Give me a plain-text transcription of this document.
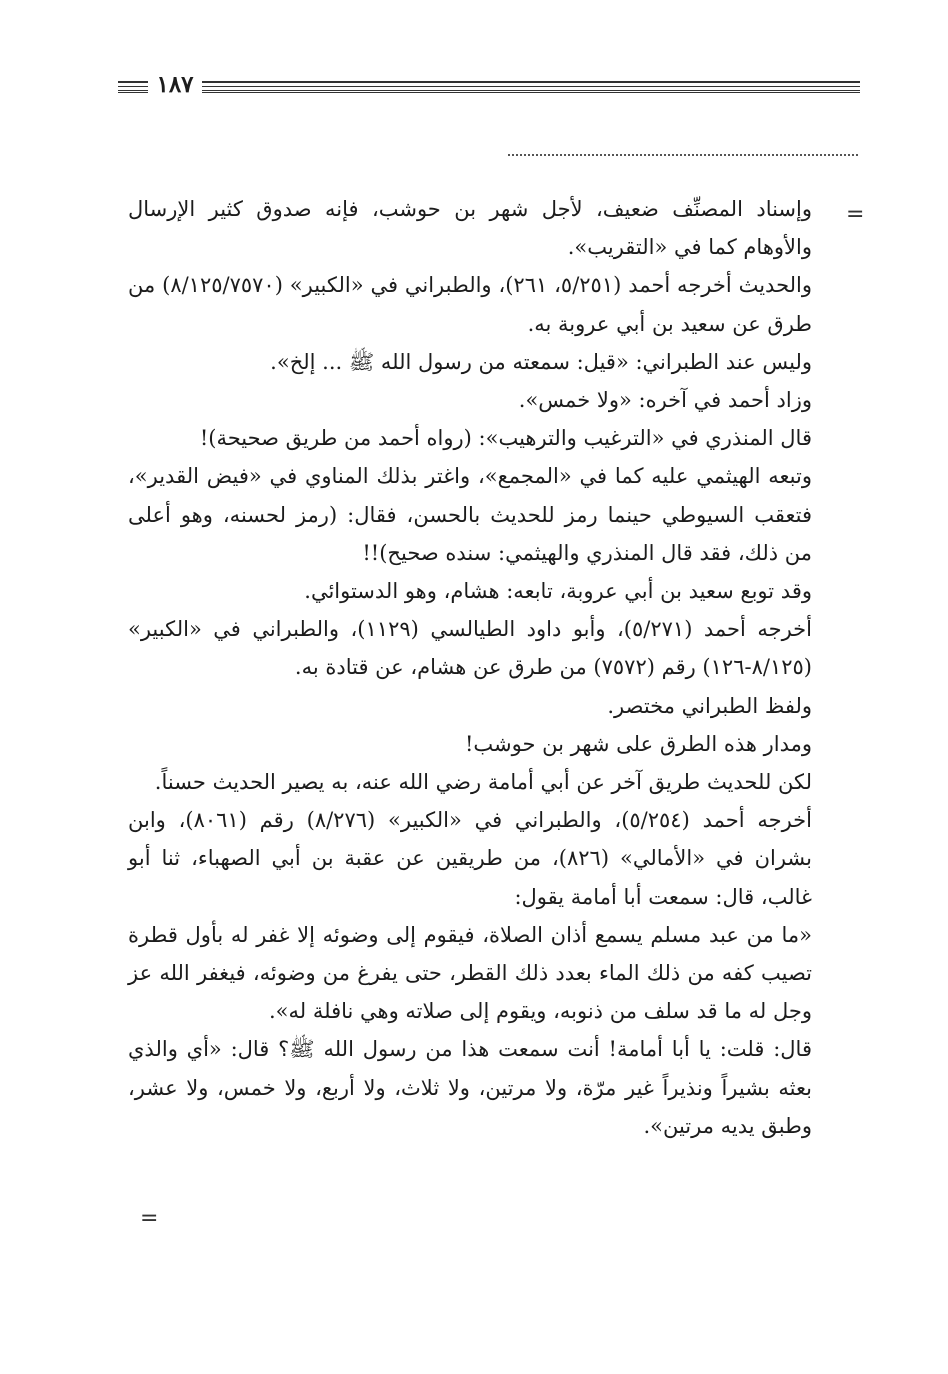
١٨٧
=

وإسناد المصنِّف ضعيف، لأجل شهر بن حوشب، فإنه صدوق كثير الإرسال والأوهام كما في «التقريب».

والحديث أخرجه أحمد (٥/٢٥١، ٢٦١)، والطبراني في «الكبير» (٨/١٢٥/٧٥٧٠) من طرق عن سعيد بن أبي عروبة به.

وليس عند الطبراني: «قيل: سمعته من رسول الله ﷺ ... إلخ».

وزاد أحمد في آخره: «ولا خمس».

قال المنذري في «الترغيب والترهيب»: (رواه أحمد من طريق صحيحة)!

وتبعه الهيثمي عليه كما في «المجمع»، واغتر بذلك المناوي في «فيض القدير»، فتعقب السيوطي حينما رمز للحديث بالحسن، فقال: (رمز لحسنه، وهو أعلى من ذلك، فقد قال المنذري والهيثمي: سنده صحيح)!!

وقد توبع سعيد بن أبي عروبة، تابعه: هشام، وهو الدستوائي.

أخرجه أحمد (٥/٢٧١)، وأبو داود الطيالسي (١١٢٩)، والطبراني في «الكبير» (٨/١٢٥-١٢٦) رقم (٧٥٧٢) من طرق عن هشام، عن قتادة به.

ولفظ الطبراني مختصر.

ومدار هذه الطرق على شهر بن حوشب!

لكن للحديث طريق آخر عن أبي أمامة رضي الله عنه، به يصير الحديث حسناً.

أخرجه أحمد (٥/٢٥٤)، والطبراني في «الكبير» (٨/٢٧٦) رقم (٨٠٦١)، وابن بشران في «الأمالي» (٨٢٦)، من طريقين عن عقبة بن أبي الصهباء، ثنا أبو غالب، قال: سمعت أبا أمامة يقول:

«ما من عبد مسلم يسمع أذان الصلاة، فيقوم إلى وضوئه إلا غفر له بأول قطرة تصيب كفه من ذلك الماء بعدد ذلك القطر، حتى يفرغ من وضوئه، فيغفر الله عز وجل له ما قد سلف من ذنوبه، ويقوم إلى صلاته وهي نافلة له».

قال: قلت: يا أبا أمامة! أنت سمعت هذا من رسول الله ﷺ؟ قال: «أي والذي بعثه بشيراً ونذيراً غير مرّة، ولا مرتين، ولا ثلاث، ولا أربع، ولا خمس، ولا عشر، وطبق يديه مرتين».

=
